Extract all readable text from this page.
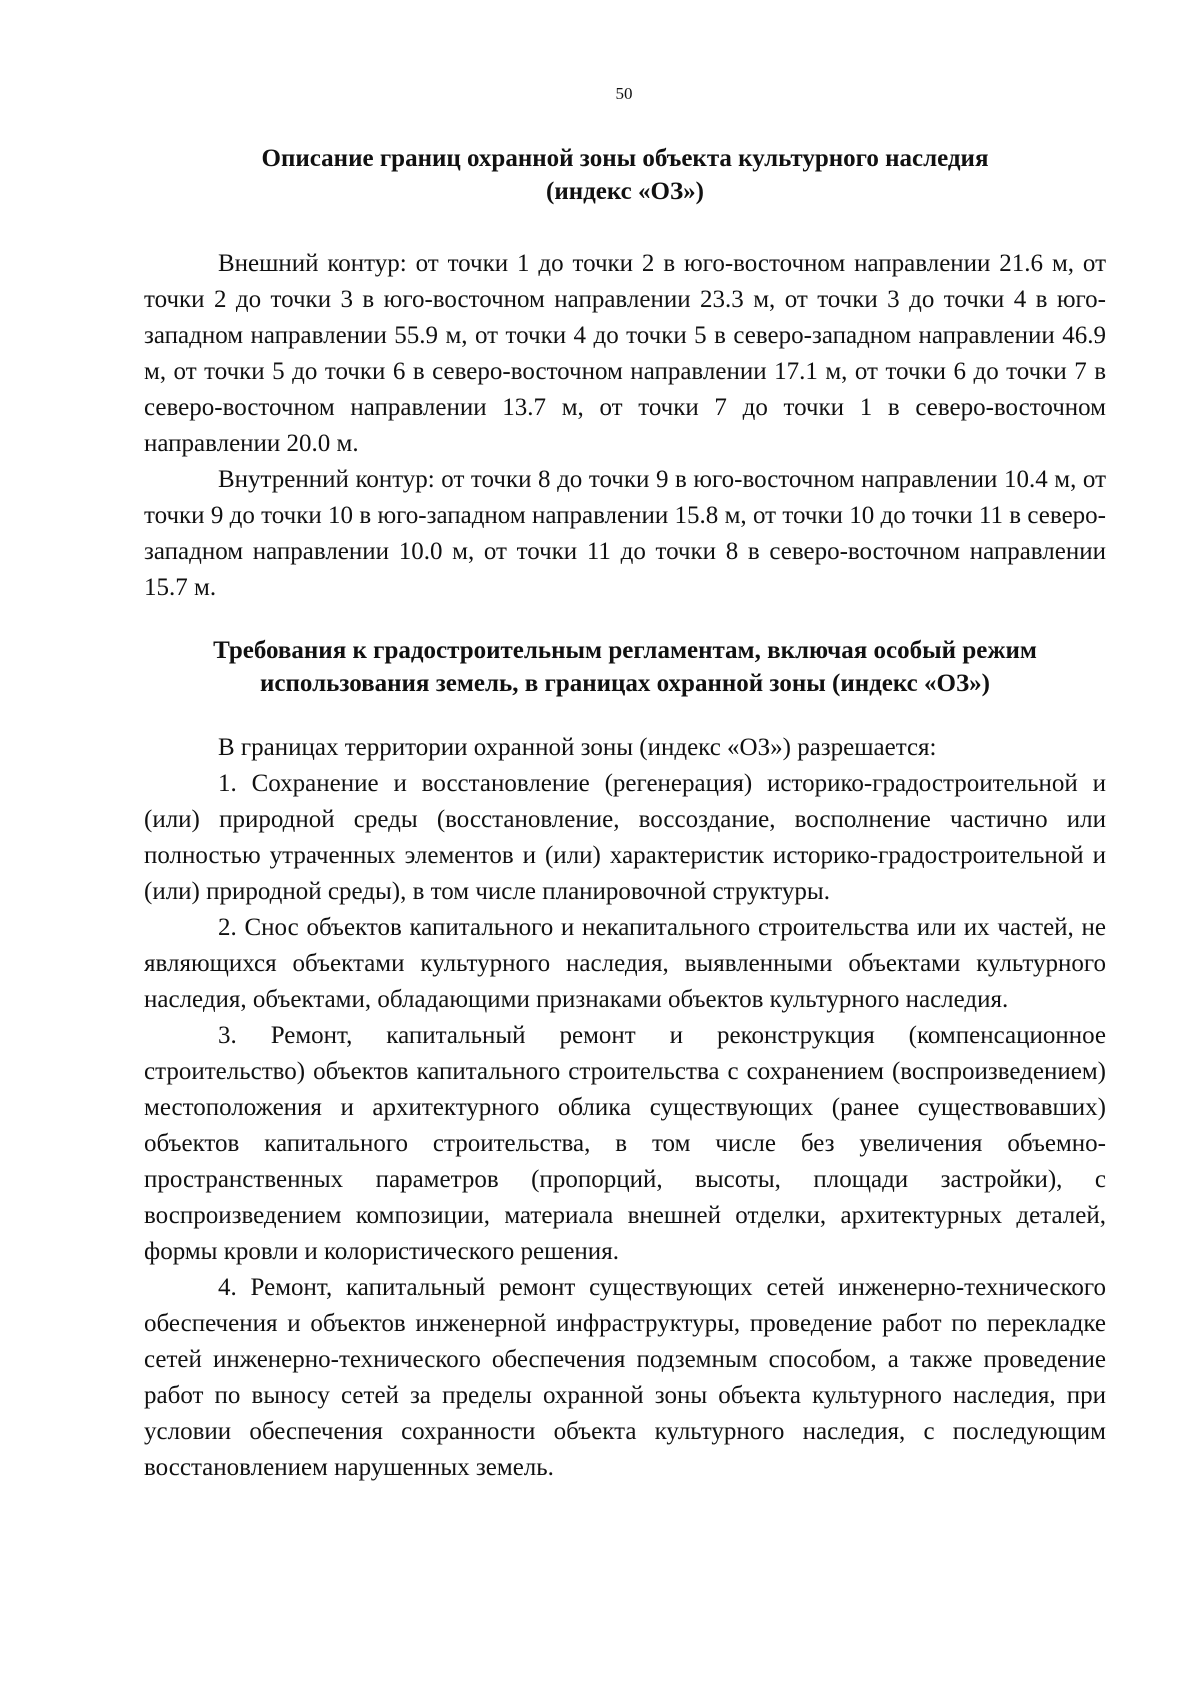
50
Описание границ охранной зоны объекта культурного наследия
(индекс «ОЗ»)

Внешний контур: от точки 1 до точки 2 в юго-восточном направлении 21.6 м, от точки 2 до точки 3 в юго-восточном направлении 23.3 м, от точки 3 до точки 4 в юго-западном направлении 55.9 м, от точки 4 до точки 5 в северо-западном направлении 46.9 м, от точки 5 до точки 6 в северо-восточном направлении 17.1 м, от точки 6 до точки 7 в северо-восточном направлении 13.7 м, от точки 7 до точки 1 в северо-восточном направлении 20.0 м.

Внутренний контур: от точки 8 до точки 9 в юго-восточном направлении 10.4 м, от точки 9 до точки 10 в юго-западном направлении 15.8 м, от точки 10 до точки 11 в северо-западном направлении 10.0 м, от точки 11 до точки 8 в северо-восточном направлении 15.7 м.

Требования к градостроительным регламентам, включая особый режим
использования земель, в границах охранной зоны (индекс «ОЗ»)

В границах территории охранной зоны (индекс «ОЗ») разрешается:

1. Сохранение и восстановление (регенерация) историко-градостроительной и (или) природной среды (восстановление, воссоздание, восполнение частично или полностью утраченных элементов и (или) характеристик историко-градостроительной и (или) природной среды), в том числе планировочной структуры.

2. Снос объектов капитального и некапитального строительства или их частей, не являющихся объектами культурного наследия, выявленными объектами культурного наследия, объектами, обладающими признаками объектов культурного наследия.

3. Ремонт, капитальный ремонт и реконструкция (компенсационное строительство) объектов капитального строительства с сохранением (воспроизведением) местоположения и архитектурного облика существующих (ранее существовавших) объектов капитального строительства, в том числе без увеличения объемно-пространственных параметров (пропорций, высоты, площади застройки), с воспроизведением композиции, материала внешней отделки, архитектурных деталей, формы кровли и колористического решения.

4. Ремонт, капитальный ремонт существующих сетей инженерно-технического обеспечения и объектов инженерной инфраструктуры, проведение работ по перекладке сетей инженерно-технического обеспечения подземным способом, а также проведение работ по выносу сетей за пределы охранной зоны объекта культурного наследия, при условии обеспечения сохранности объекта культурного наследия, с последующим восстановлением нарушенных земель.
